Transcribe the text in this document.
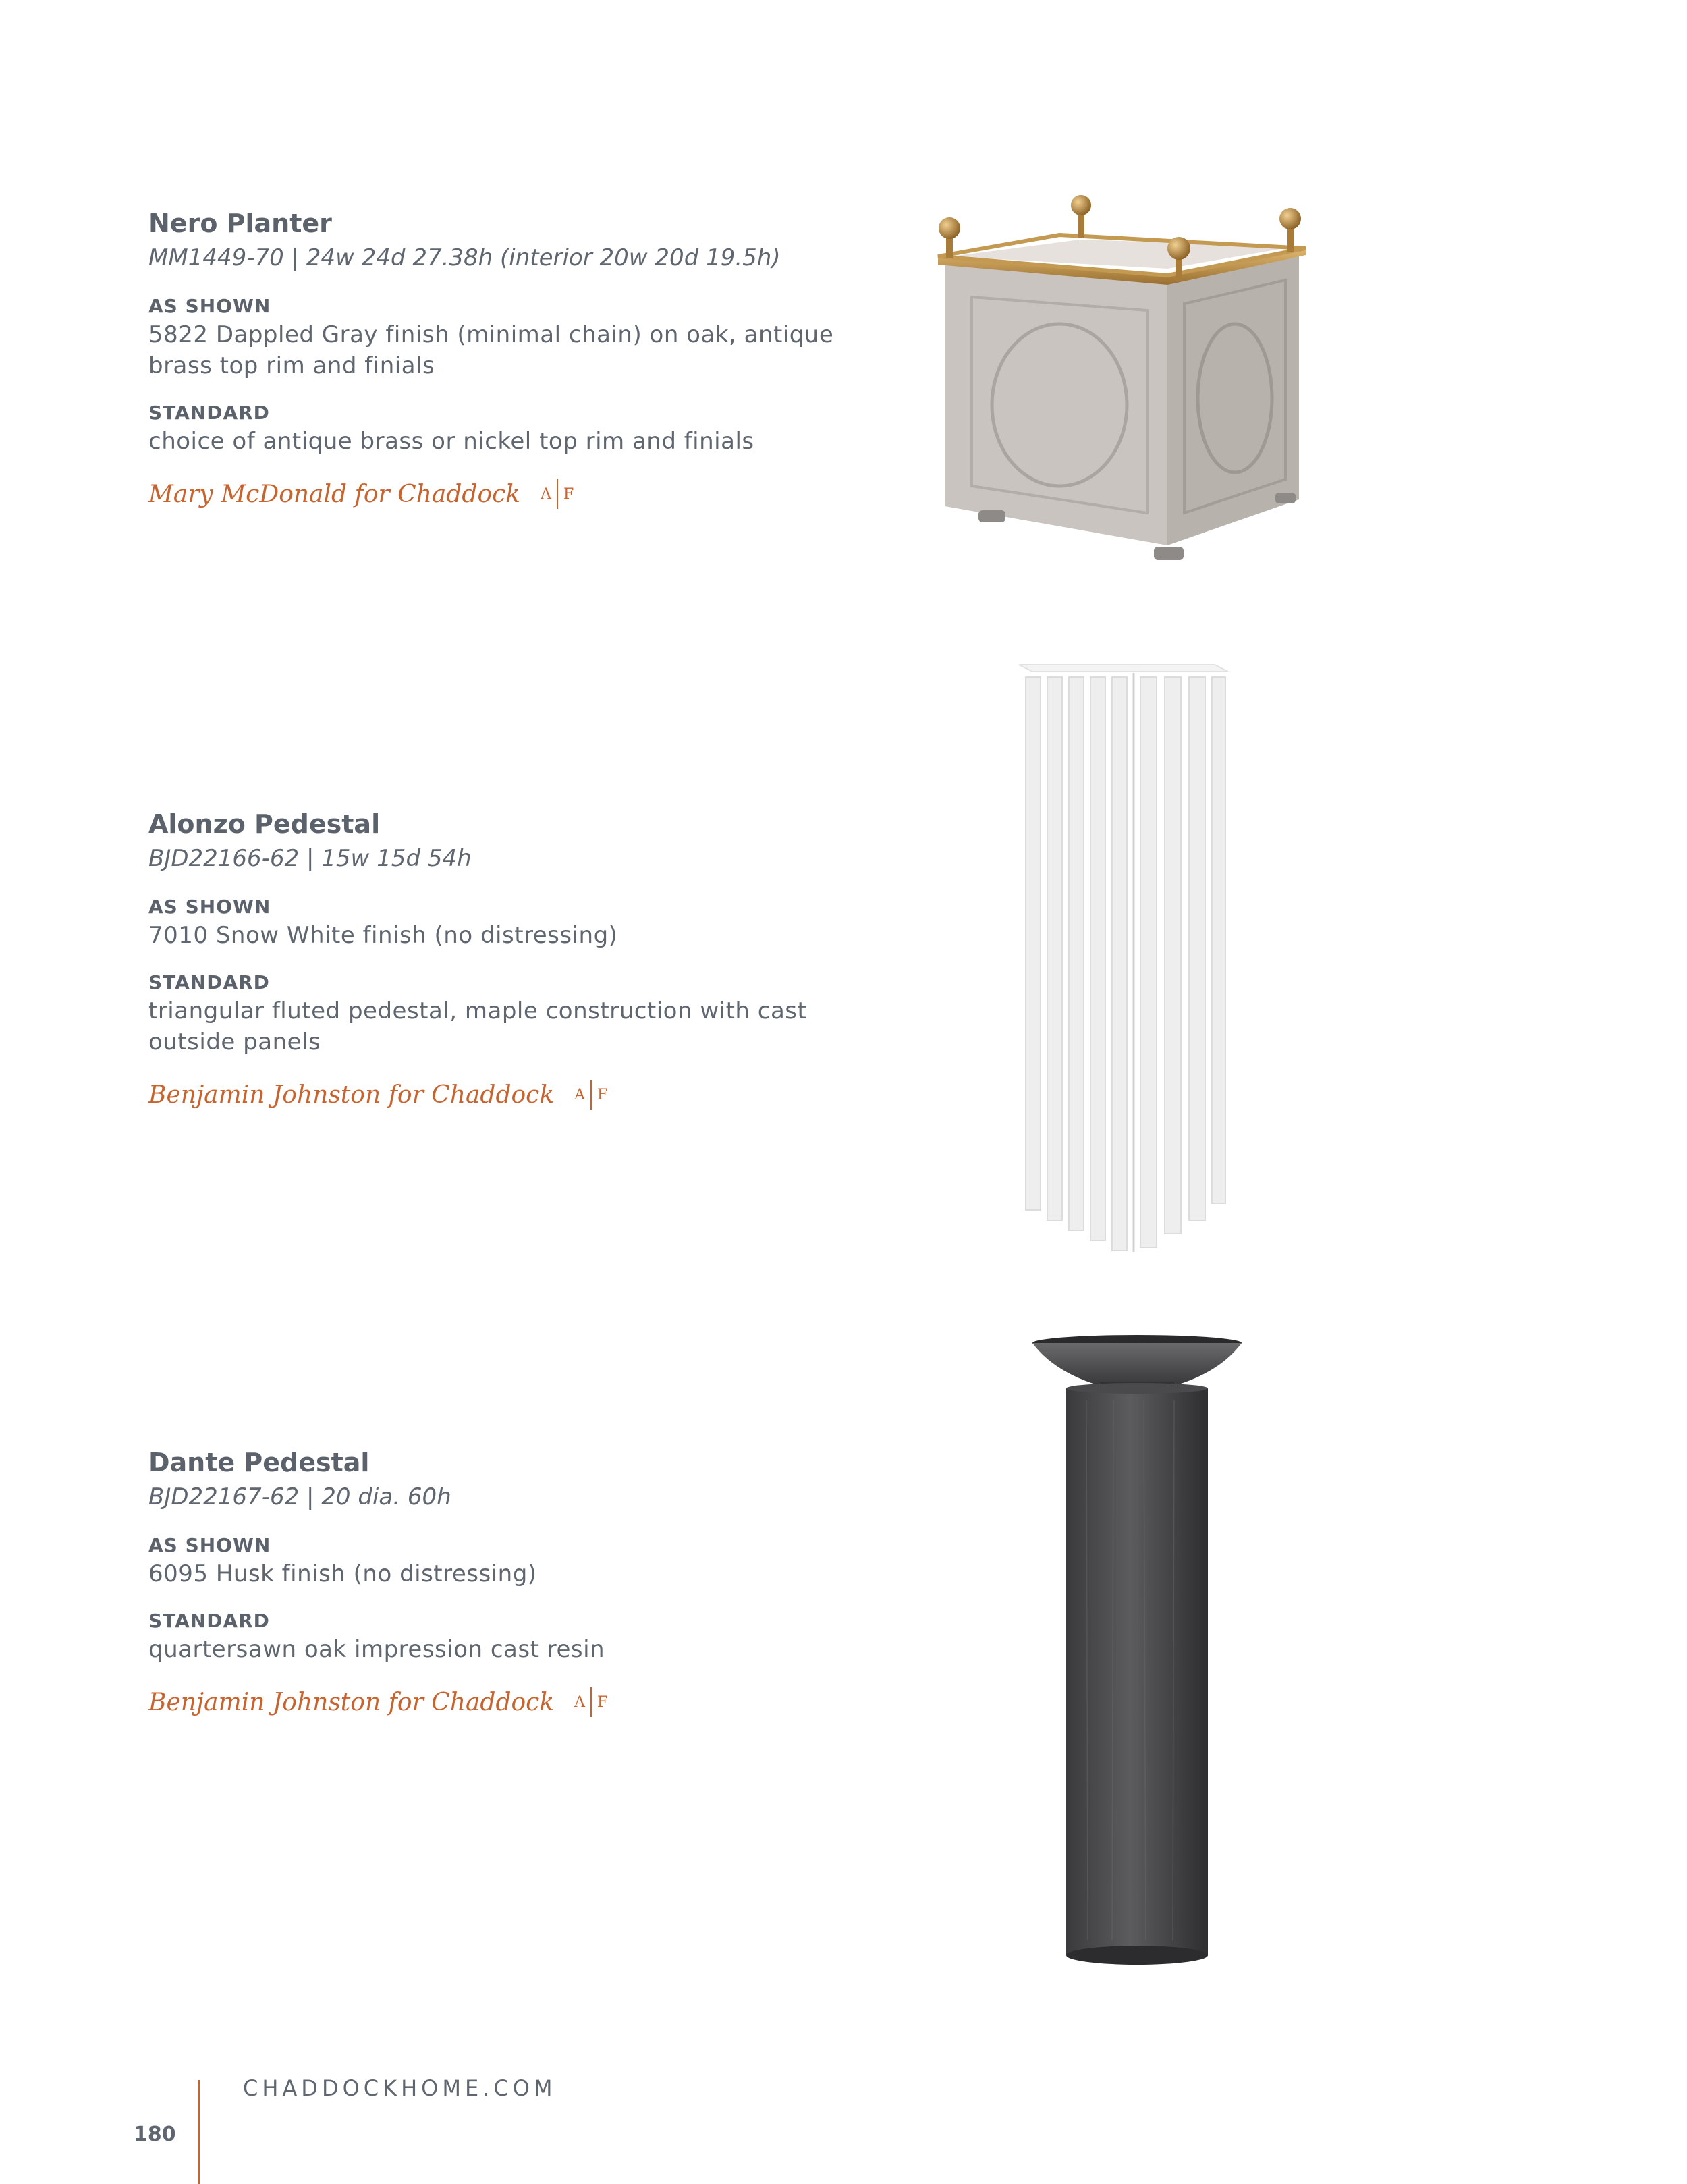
Nero Planter
MM1449-70 | 24w 24d 27.38h (interior 20w 20d 19.5h)
AS SHOWN
5822 Dappled Gray finish (minimal chain) on oak, antique
brass top rim and finials
STANDARD
choice of antique brass or nickel top rim and finials
Mary McDonald for Chaddock A F
Alonzo Pedestal
BJD22166-62 | 15w 15d 54h
AS SHOWN
7010 Snow White finish (no distressing)
STANDARD
triangular fluted pedestal, maple construction with cast
outside panels
Benjamin Johnston for Chaddock A F
Dante Pedestal
BJD22167-62 | 20 dia. 60h
AS SHOWN
6095 Husk finish (no distressing)
STANDARD
quartersawn oak impression cast resin
Benjamin Johnston for Chaddock A F
CHADDOCKHOME.COM
180
